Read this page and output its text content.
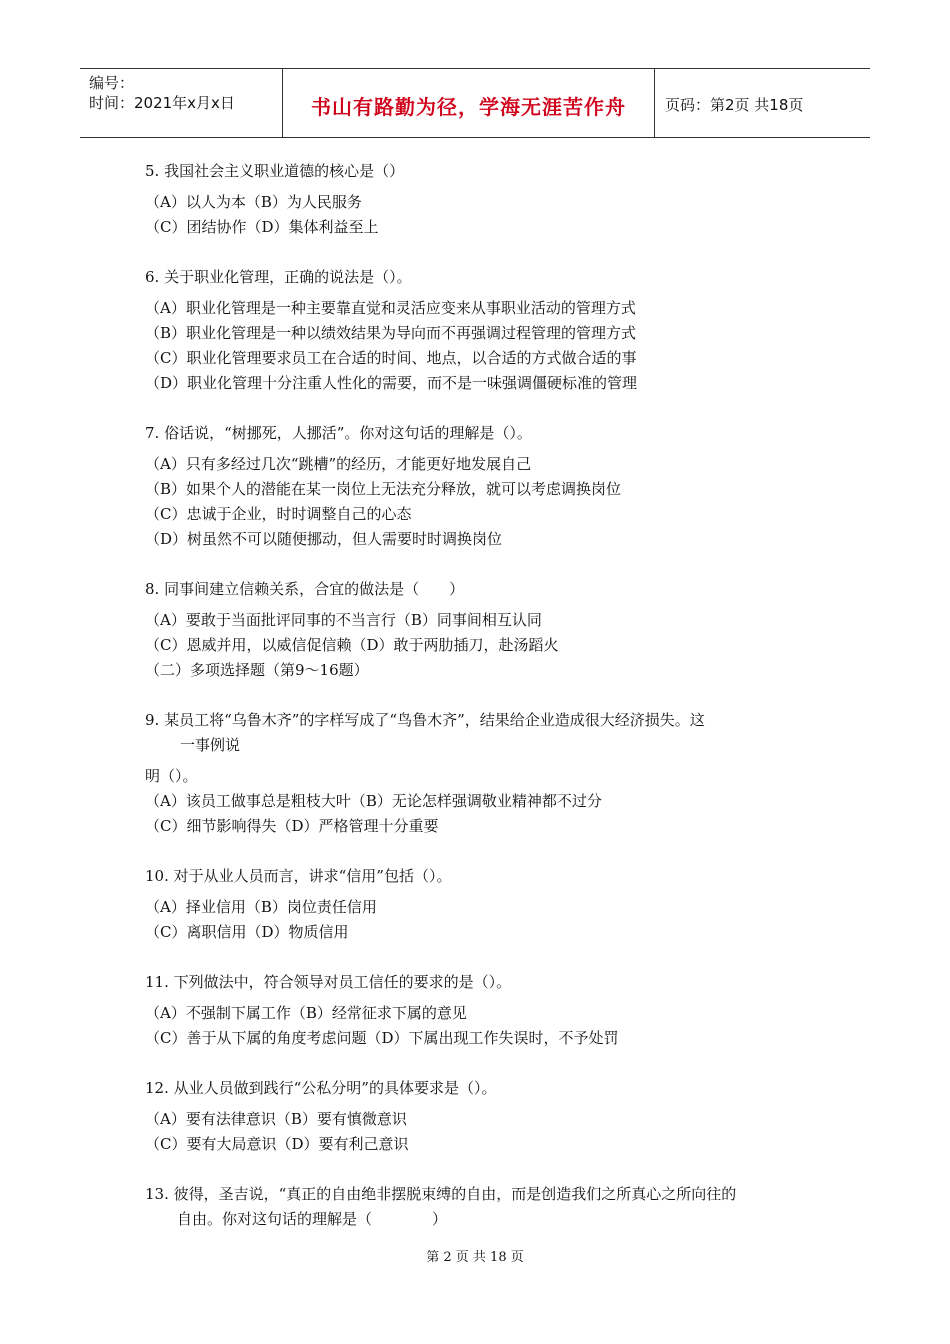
编号：
时间：2021年x月x日	书山有路勤为径，学海无涯苦作舟	页码：第2页 共18页
5. 我国社会主义职业道德的核心是（）
（A）以人为本（B）为人民服务
（C）团结协作（D）集体利益至上
6. 关于职业化管理，正确的说法是（）。
（A）职业化管理是一种主要靠直觉和灵活应变来从事职业活动的管理方式
（B）职业化管理是一种以绩效结果为导向而不再强调过程管理的管理方式
（C）职业化管理要求员工在合适的时间、地点，以合适的方式做合适的事
（D）职业化管理十分注重人性化的需要，而不是一味强调僵硬标准的管理
7. 俗话说，“树挪死，人挪活”。你对这句话的理解是（）。
（A）只有多经过几次“跳槽”的经历，才能更好地发展自己
（B）如果个人的潜能在某一岗位上无法充分释放，就可以考虑调换岗位
（C）忠诚于企业，时时调整自己的心态
（D）树虽然不可以随便挪动，但人需要时时调换岗位
8. 同事间建立信赖关系，合宜的做法是（　　）
（A）要敢于当面批评同事的不当言行（B）同事间相互认同
（C）恩威并用，以威信促信赖（D）敢于两肋插刀，赴汤蹈火
（二）多项选择题（第9～16题）
9. 某员工将“乌鲁木齐”的字样写成了“鸟鲁木齐”，结果给企业造成很大经济损失。这
一事例说
明（）。
（A）该员工做事总是粗枝大叶（B）无论怎样强调敬业精神都不过分
（C）细节影响得失（D）严格管理十分重要
10. 对于从业人员而言，讲求“信用”包括（）。
（A）择业信用（B）岗位责任信用
（C）离职信用（D）物质信用
11. 下列做法中，符合领导对员工信任的要求的是（）。
（A）不强制下属工作（B）经常征求下属的意见
（C）善于从下属的角度考虑问题（D）下属出现工作失误时，不予处罚
12. 从业人员做到践行“公私分明”的具体要求是（）。
（A）要有法律意识（B）要有慎微意识
（C）要有大局意识（D）要有利己意识
13. 彼得，圣吉说，“真正的自由绝非摆脱束缚的自由，而是创造我们之所真心之所向往的
自由。你对这句话的理解是（　　　　）
第 2 页 共 18 页
